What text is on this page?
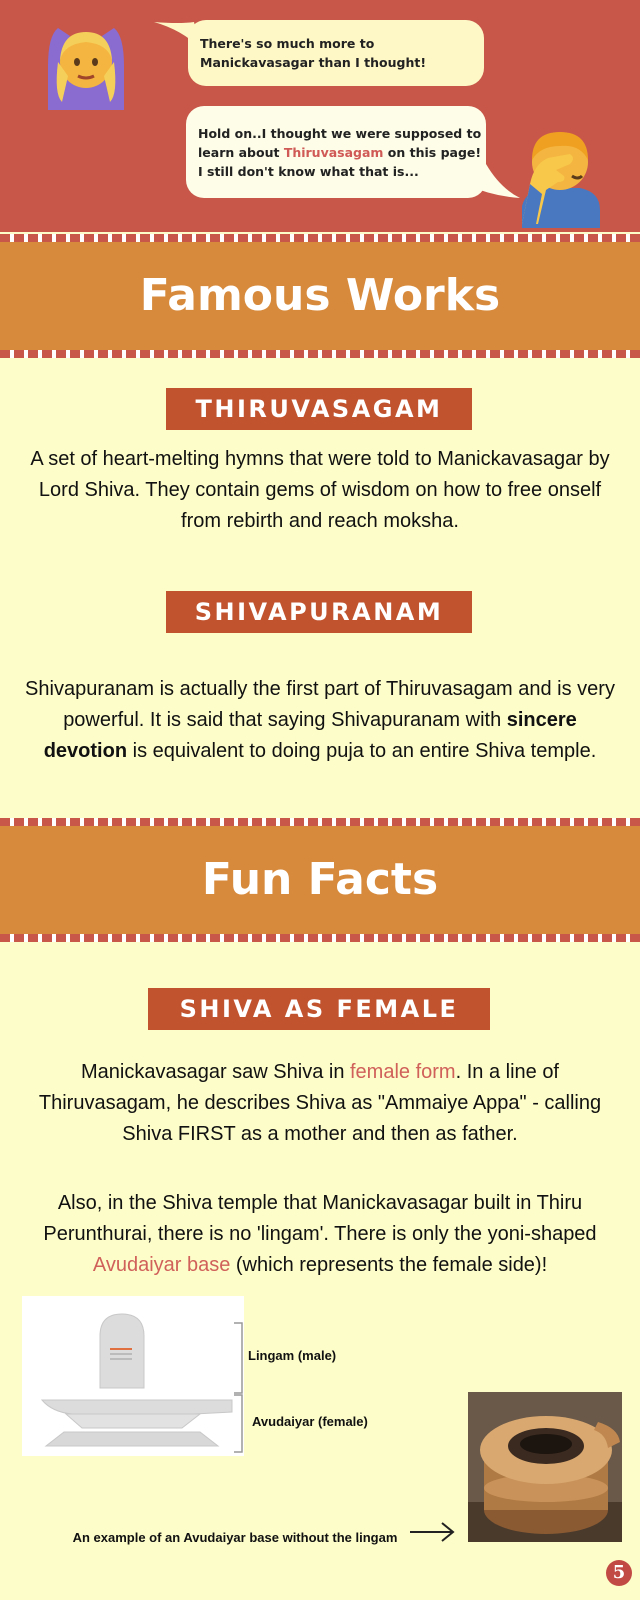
There's so much more to Manickavasagar than I thought!
Hold on..I thought we were supposed to learn about Thiruvasagam on this page! I still don't know what that is...
Famous Works
THIRUVASAGAM
A set of heart-melting hymns that were told to Manickavasagar by Lord Shiva. They contain gems of wisdom on how to free onself from rebirth and reach moksha.
SHIVAPURANAM
Shivapuranam is actually the first part of Thiruvasagam and is very powerful. It is said that saying Shivapuranam with sincere devotion is equivalent to doing puja to an entire Shiva temple.
Fun Facts
SHIVA AS FEMALE
Manickavasagar saw Shiva in female form. In a line of Thiruvasagam, he describes Shiva as "Ammaiye Appa" - calling Shiva FIRST as a mother and then as father.
Also, in the Shiva temple that Manickavasagar built in Thiru Perunthurai, there is no 'lingam'. There is only the yoni-shaped Avudaiyar base (which represents the female side)!
Lingam (male)
Avudaiyar (female)
An example of an Avudaiyar base without the lingam
5
